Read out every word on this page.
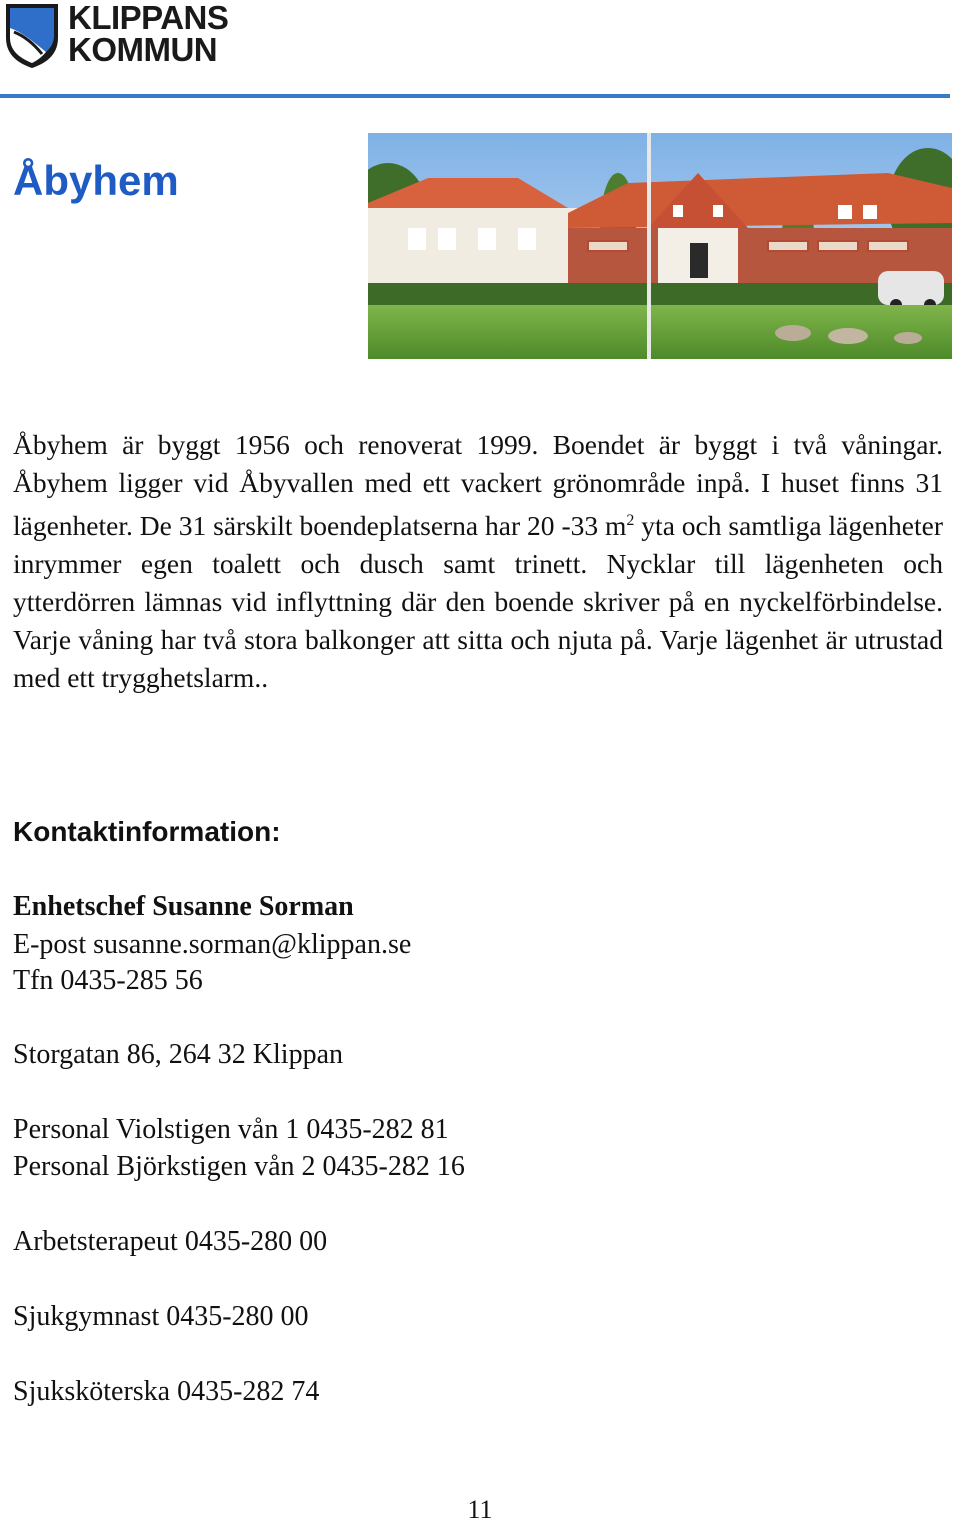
KLIPPANS
KOMMUN
Åbyhem

Åbyhem är byggt 1956 och renoverat 1999. Boendet är byggt i två våningar. Åbyhem ligger vid Åbyvallen med ett vackert grönområde inpå. I huset finns 31 lägenheter. De 31 särskilt boendeplatserna har 20 -33 $m^2$ yta och samtliga lägenheter inrymmer egen toalett och dusch samt trinett. Nycklar till lägenheten och ytterdörren lämnas vid inflyttning där den boende skriver på en nyckelförbindelse. Varje våning har två stora balkonger att sitta och njuta på. Varje lägenhet är utrustad med ett trygghetslarm..

Kontaktinformation:

Enhetschef Susanne Sorman

E-post susanne.sorman@klippan.se

Tfn 0435-285 56

Storgatan 86, 264 32 Klippan

Personal Violstigen vån 1 0435-282 81

Personal Björkstigen vån 2 0435-282 16

Arbetsterapeut 0435-280 00

Sjukgymnast 0435-280 00

Sjuksköterska 0435-282 74

11
